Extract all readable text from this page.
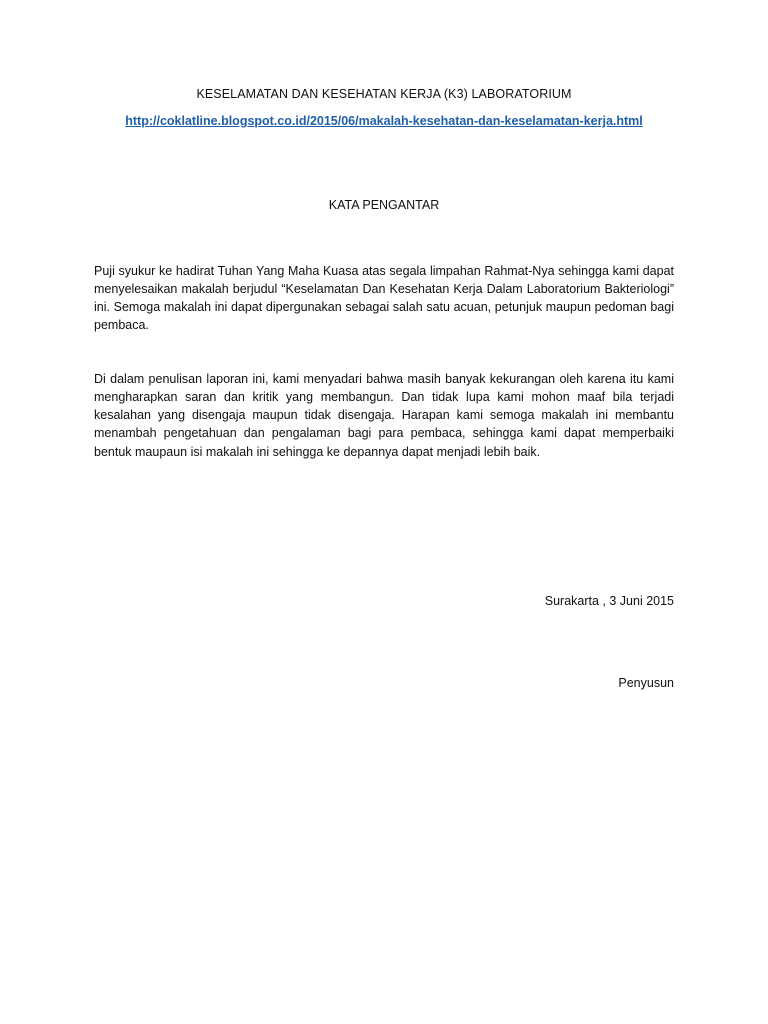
KESELAMATAN DAN KESEHATAN KERJA (K3) LABORATORIUM
http://coklatline.blogspot.co.id/2015/06/makalah-kesehatan-dan-keselamatan-kerja.html
KATA PENGANTAR

Puji syukur ke hadirat Tuhan Yang Maha Kuasa atas segala limpahan Rahmat-Nya sehingga kami dapat menyelesaikan makalah berjudul “Keselamatan Dan Kesehatan Kerja Dalam Laboratorium Bakteriologi” ini. Semoga makalah ini dapat dipergunakan sebagai salah satu acuan, petunjuk maupun pedoman bagi pembaca.

Di dalam penulisan laporan ini, kami menyadari bahwa masih banyak kekurangan oleh karena itu kami mengharapkan saran dan kritik yang membangun. Dan tidak lupa kami mohon maaf bila terjadi kesalahan yang disengaja maupun tidak disengaja. Harapan kami semoga makalah ini membantu menambah pengetahuan dan pengalaman bagi para pembaca, sehingga kami dapat memperbaiki bentuk maupaun isi makalah ini sehingga ke depannya dapat menjadi lebih baik.

Surakarta , 3 Juni 2015
Penyusun
